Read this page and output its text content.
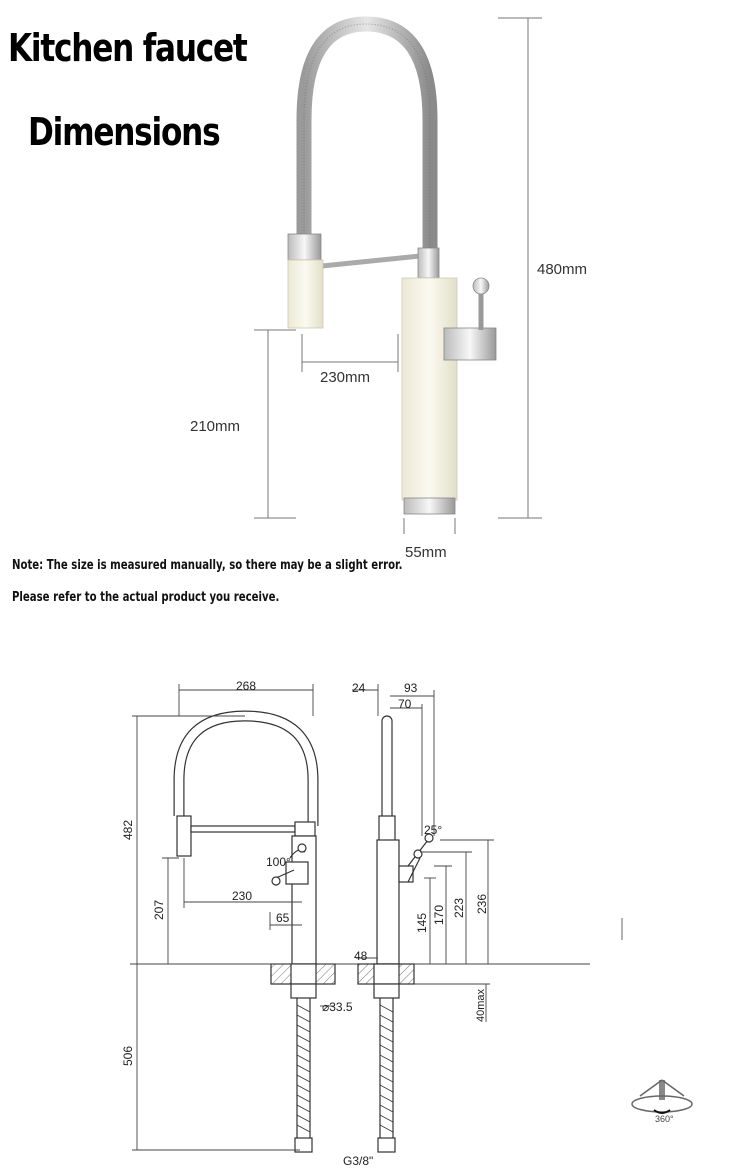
Kitchen faucet
Dimensions
Note: The size is measured manually, so there may be a slight error.
Please refer to the actual product you receive.
480mm
230mm
210mm
55mm
268
482
207
230
65
100°
506
⌀33.5
G3/8"
24	93
70
25°
145 170 223 236
48
40max
360°
